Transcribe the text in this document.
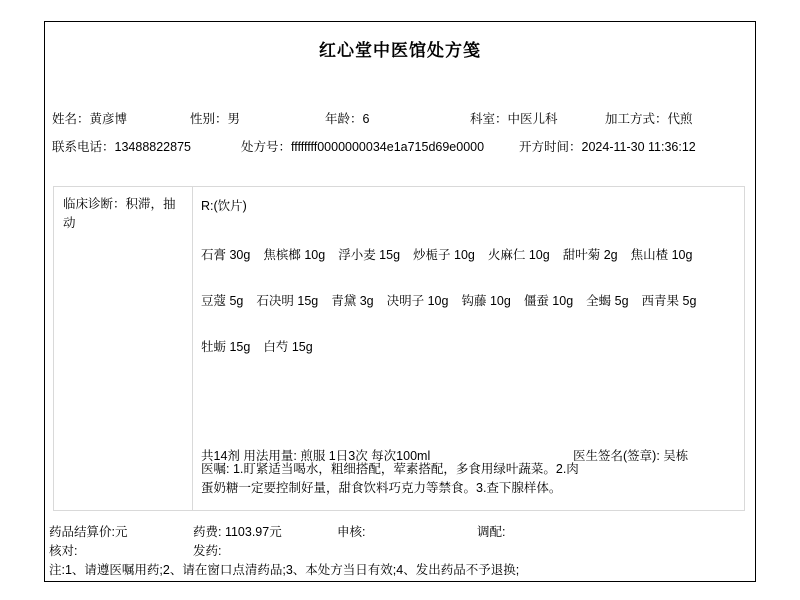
红心堂中医馆处方笺
姓名：黄彦博	性别：男	年龄：6	科室：中医儿科	加工方式：代煎
联系电话：13488822875	处方号：ffffffff0000000034e1a715d69e0000	开方时间：2024-11-30 11:36:12
临床诊断：积滞，抽动
R:(饮片)
石膏 30g 焦槟榔 10g 浮小麦 15g 炒栀子 10g 火麻仁 10g 甜叶菊 2g 焦山楂 10g
豆蔻 5g 石决明 15g 青黛 3g 决明子 10g 钩藤 10g 僵蚕 10g 全蝎 5g 西青果 5g
牡蛎 15g 白芍 15g
共14剂 用法用量: 煎服 1日3次 每次100ml	医生签名(签章): 吴栋
医嘱: 1.盯紧适当喝水，粗细搭配，荤素搭配，多食用绿叶蔬菜。2.肉蛋奶糖一定要控制好量，甜食饮料巧克力等禁食。3.查下腺样体。
药品结算价:元	药费: 1103.97元	申核:	调配:
核对:	发药:
注:1、请遵医嘱用药;2、请在窗口点清药品;3、本处方当日有效;4、发出药品不予退换;
